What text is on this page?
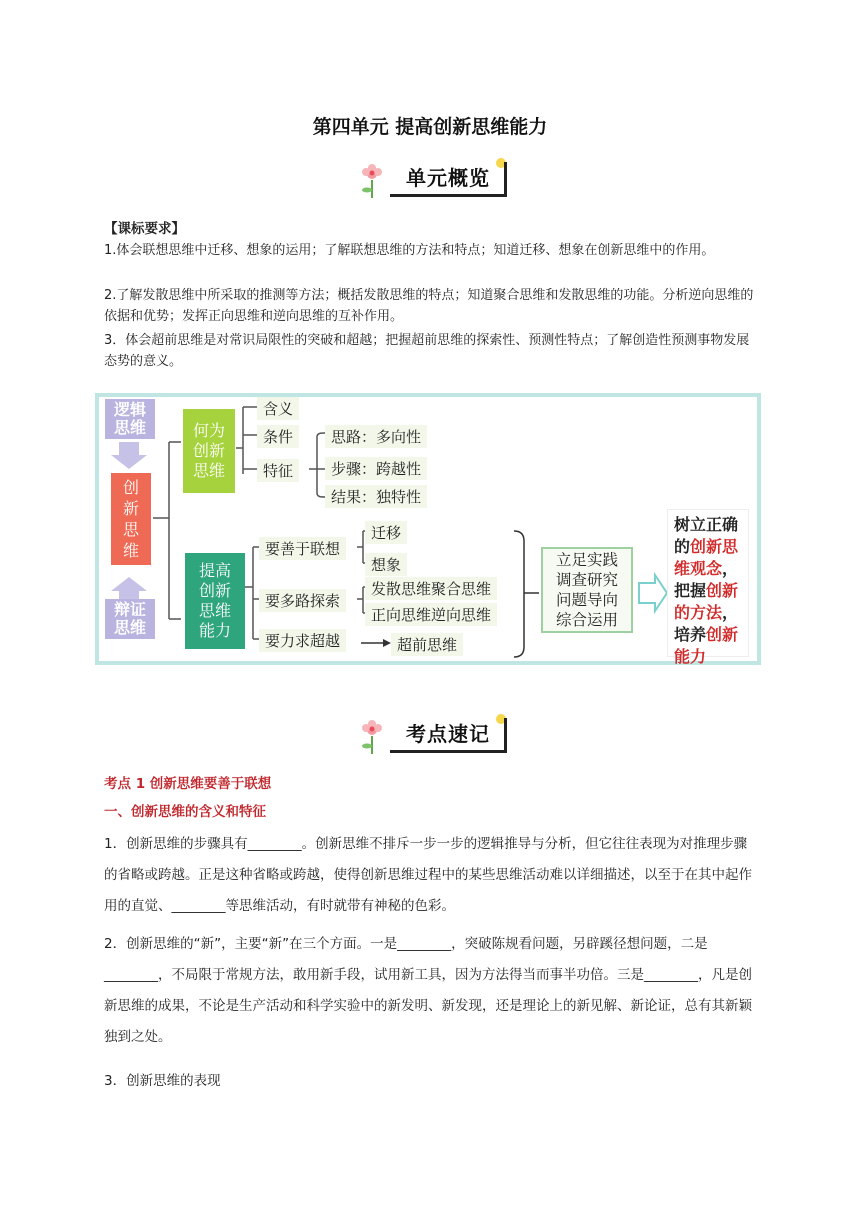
第四单元 提高创新思维能力
单元概览
【课标要求】
1.体会联想思维中迁移、想象的运用；了解联想思维的方法和特点；知道迁移、想象在创新思维中的作用。
2.了解发散思维中所采取的推测等方法；概括发散思维的特点；知道聚合思维和发散思维的功能。分析逆向思维的依据和优势；发挥正向思维和逆向思维的互补作用。
3．体会超前思维是对常识局限性的突破和超越；把握超前思维的探索性、预测性特点；了解创造性预测事物发展态势的意义。
逻辑思维
创新思维
辩证思维
何为创新思维
含义
条件
特征
思路：多向性
步骤：跨越性
结果：独特性
提高创新思维能力
要善于联想
迁移
想象
要多路探索
发散思维聚合思维
正向思维逆向思维
要力求超越	超前思维
立足实践调查研究问题导向综合运用
树立正确的创新思维观念，把握创新的方法，培养创新能力
考点速记
考点 1 创新思维要善于联想
一、创新思维的含义和特征
1．创新思维的步骤具有________。创新思维不排斥一步一步的逻辑推导与分析，但它往往表现为对推理步骤的省略或跨越。正是这种省略或跨越，使得创新思维过程中的某些思维活动难以详细描述，以至于在其中起作用的直觉、________等思维活动，有时就带有神秘的色彩。
2．创新思维的“新”，主要“新”在三个方面。一是________，突破陈规看问题，另辟蹊径想问题，二是________，不局限于常规方法，敢用新手段，试用新工具，因为方法得当而事半功倍。三是________，凡是创新思维的成果，不论是生产活动和科学实验中的新发明、新发现，还是理论上的新见解、新论证，总有其新颖独到之处。
3．创新思维的表现
